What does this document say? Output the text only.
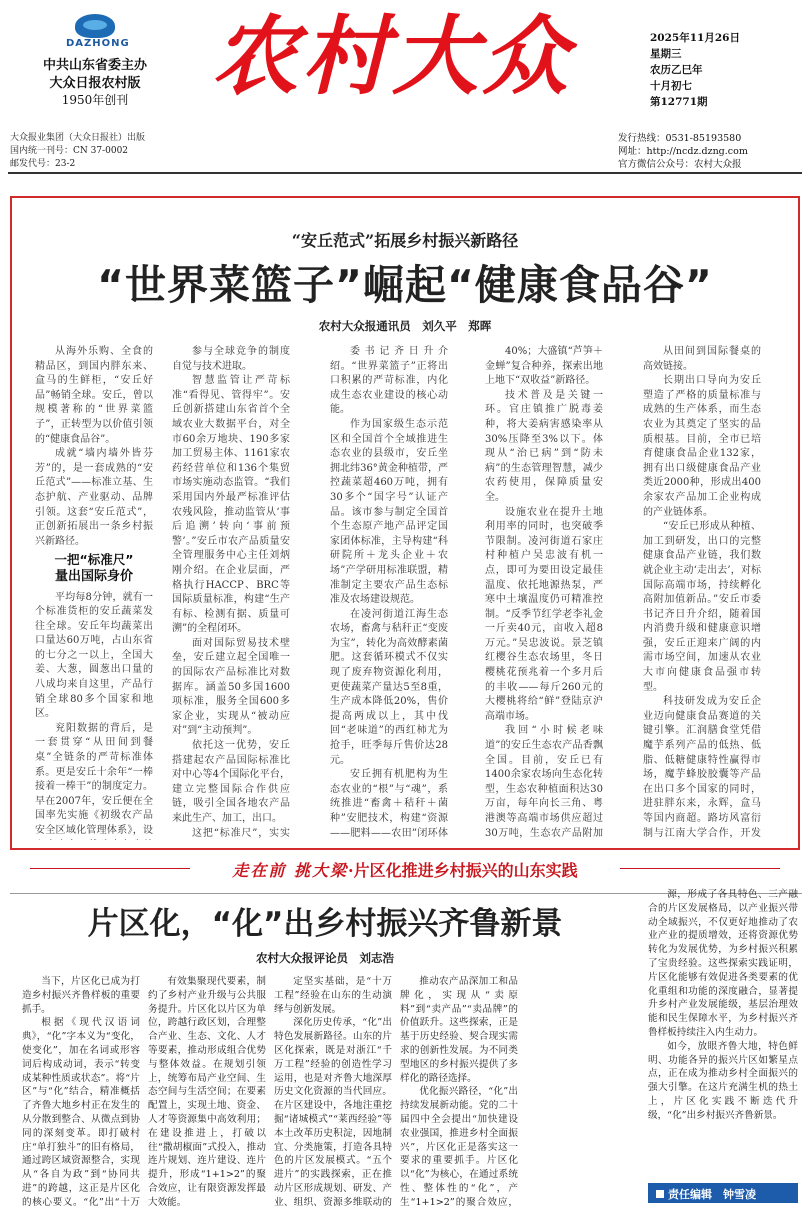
DAZHONG
中共山东省委主办
大众日报农村版
1950年创刊
大众报业集团（大众日报社）出版
国内统一刊号：CN 37-0002
邮发代号：23-2
农村大众	2025年11月26日
星期三
农历乙巳年
十月初七
第12771期
发行热线：0531-85193580
网址：http://ncdz.dzng.com
官方微信公众号：农村大众报
“安丘范式”拓展乡村振兴新路径
“世界菜篮子”崛起“健康食品谷”
农村大众报通讯员　刘久平　郑晖

从海外乐购、全食的精品区，到国内胖东来、盒马的生鲜柜，“安丘好品”畅销全球。安丘，曾以规模著称的“世界菜篮子”，正转型为以价值引领的“健康食品谷”。

成就“墙内墙外皆芬芳”的，是一套成熟的“安丘范式”——标准立基、生态护航、产业驱动、品牌引领。这套“安丘范式”，正创新拓展出一条乡村振兴新路径。

一把“标准尺”

量出国际身价

平均每8分钟，就有一个标准货柜的安丘蔬菜发往全球。安丘年均蔬菜出口量达60万吨，占山东省的七分之一以上，全国大姜、大葱，圆葱出口量的八成均来自这里，产品行销全球80多个国家和地区。

兖阳数据的背后，是一套贯穿“从田间到餐桌”全链条的严苛标准体系。更是安丘十余年“一棒接着一棒干”的制度定力。早在2007年，安丘便在全国率先实施《初级农产品安全区域化管理体系》，设

参与全球竞争的制度自觉与技术进取。

智慧监管让严苛标准“看得见、管得牢”。安丘创新搭建山东省首个全域农业大数据平台，对全市60余万地块、190多家加工贸易主体、1161家农药经营单位和136个集贸市场实施动态监管。“我们采用国内外最严标准评估农残风险，推动监管从‘事后追溯’转向‘事前预警’。”安丘市农产品质量安全管理服务中心主任刘炳刚介绍。在企业层面，严格执行HACCP、BRC等国际质量标准，构建“生产有标、检测有据、质量可溯”的全程闭环。

面对国际贸易技术壁垒，安丘建立起全国唯一的国际农产品标准比对数据库。涵盖50多国1600项标准，服务全国600多家企业，实现从“被动应对”到“主动预判”。

依托这一优势，安丘搭建起农产品国际标准比对中心等4个国际化平台，建立完整国际合作供应链，吸引全国各地农产品来此生产、加工，出口。

这把“标准尺”，实实

委书记齐日升介绍。“世界菜篮子”正将出口积累的严苛标准，内化成生态农业建设的核心动能。

作为国家级生态示范区和全国首个全域推进生态农业的县级市，安丘坐拥北纬36°黄金种植带，严控蔬菜超460万吨，拥有30多个“国字号”认证产品。该市参与制定全国首个生态原产地产品评定国家团体标准，主导构建“科研院所＋龙头企业＋农场”产学研用标准联盟，精准制定主要农产品生态标准及农场建设规范。

在凌河街道江海生态农场，畜禽与秸秆正“变废为宝”，转化为高效酵素菌肥。这套循环模式不仅实现了废弃物资源化利用，更使蔬菜产量达5至8重，生产成本降低20%，售价提高两成以上，其中伐回“老味道”的西红柿尤为抢手，旺季每斤售价达28元。

安丘拥有机肥构为生态农业的“根”与“魂”，系统推进“畜禽＋秸秆＋菌种”安肥技术，构建“资源——肥料——农田”闭环体

40%；大盛镇“芦笋＋金蝉”复合种养，探索出地上地下“双收益”新路径。

技术普及是关键一环。官庄镇推广脱毒姜种，将大姜病害感染率从30%压降至3%以下。体现从“治已病”到“防未病”的生态管理智慧，减少农药使用，保障质量安全。

设施农业在提升土地利用率的同时，也突破季节限制。凌河街道石家庄村种植户吴忠波有机一点，即可为要田设定最佳温度、依托地源热泵，严寒中土壤温度仍可精准控制。“反季节红学老李礼金一斤卖40元，亩收入超8万元。”吴忠波说。景芝镇红樱谷生态农场里，冬日樱桃花预兆着一个多月后的丰收——每斤260元的大樱桃将给“鲜”登陆京沪高端市场。

我回“小时候老味道”的安丘生态农产品香飘全国。目前，安丘已有1400余家农场向生态化转型，生态农种植面积达30万亩，每年向长三角、粤港澳等高端市场供应超过30万吨，生态农产品附加

从田间到国际餐桌的高效链接。

长期出口导向为安丘塑造了严格的质量标准与成熟的生产体系，而生态农业为其奠定了坚实的品质根基。目前，全市已培育健康食品企业132家，拥有出口级健康食品产业类近2000种，形成出400余家农产品加工企业构成的产业链体系。

“安丘已形成从种植、加工到研发，出口的完整健康食品产业链，我们数就企业主动‘走出去’，对标国际高端市场，持续孵化高附加值新品。”安丘市委书记齐日升介绍，随着国内消费升级和健康意识增强，安丘正迎来广阔的内需市场空间，加速从农业大市向健康食品强市转型。

科技研发成为安丘企业迈向健康食品赛道的关键引擎。汇润膳食堂凭借魔芋系列产品的低热、低脂、低糖健康特性赢得市场，魔芋蜂胶胶囊等产品在出口多个国家的同时，进驻胖东来，永辉，盒马等国内商超。路坊风富衍制与江南大学合作，开发

走在前 挑大梁·片区化推进乡村振兴的山东实践
片区化，“化”出乡村振兴齐鲁新景
农村大众报评论员　刘志浩

当下，片区化已成为打造乡村振兴齐鲁样板的重要抓手。

根据《现代汉语词典》，“化”字本义为“变化，使变化”，加在名词或形容词后构成动词，表示“转变成某种性质或状态”。将“片区”与“化”结合，精准概括了齐鲁大地乡村正在发生的从分散到整合、从微点到协同的深刻变革。即打破村庄“单打独斗”的旧有格局，通过跨区域资源整合，实现从“各自为政”到“协同共进”的跨越，这正是片区化的核心要义。“化”出“十万

有效集聚现代要素，制约了乡村产业升级与公共服务提升。片区化以片区为单位，跨越行政区划，合理整合产业、生态、文化、人才等要素，推动形成组合优势与整体效益。在规划引领上，统筹布局产业空间、生态空间与生活空间；在要素配置上，实现土地、资金、人才等资源集中高效利用；在建设推进上，打破以往“撒胡椒面”式投入，推动连片规划、连片建设、连片提升，形成“1+1>2”的聚合效应，让有限资源发挥最大效能。

定坚实基础，是“十万工程”经验在山东的生动演绎与创新发展。

深化历史传承，“化”出特色发展新路径。山东的片区化探索，既是对浙江“千万工程”经验的创造性学习运用，也是对齐鲁大地深厚历史文化资源的当代回应。在片区建设中，各地注重挖掘“诸城模式”“莱西经验”等本土改革历史积淀，因地制宜、分类施策，打造各具特色的片区发展模式。“五个进片”的实践探索，正在推动片区形成规划、研发、产业、组织、资源多维联动的

推动农产品深加工和品牌化，实现从“卖原料”到“卖产品”“卖品牌”的价值跃升。这些探索，正是基于历史经验、契合现实需求的创新性发展。为不同类型地区的乡村振兴提供了多样化的路径选择。

优化振兴路径，“化”出持续发展新动能。党的二十届四中全会提出“加快建设农业强国，推进乡村全面振兴”，片区化正是落实这一要求的重要抓手。片区化以“化”为核心，在通过系统性、整体性的“化”，产生“1+1>2”的聚合效应，

源，形成了各具特色、三产融合的片区发展格局，以产业振兴带动全域振兴，不仅更好地推动了农业产业的提质增效，还将资源优势转化为发展优势，为乡村振兴积累了宝贵经验。这些探索实践证明，片区化能够有效促进各类要素的优化重组和功能的深度融合，显著提升乡村产业发展能级，基层治理效能和民生保障水平，为乡村振兴齐鲁样板持续注入内生动力。

如今，放眼齐鲁大地，特色鲜明、功能各异的振兴片区如繁星点点，正在成为推动乡村全面振兴的强大引擎。在这片充满生机的热土上，片区化实践不断迭代升级，“化”出乡村振兴齐鲁新景。

责任编辑　钟雪凌
